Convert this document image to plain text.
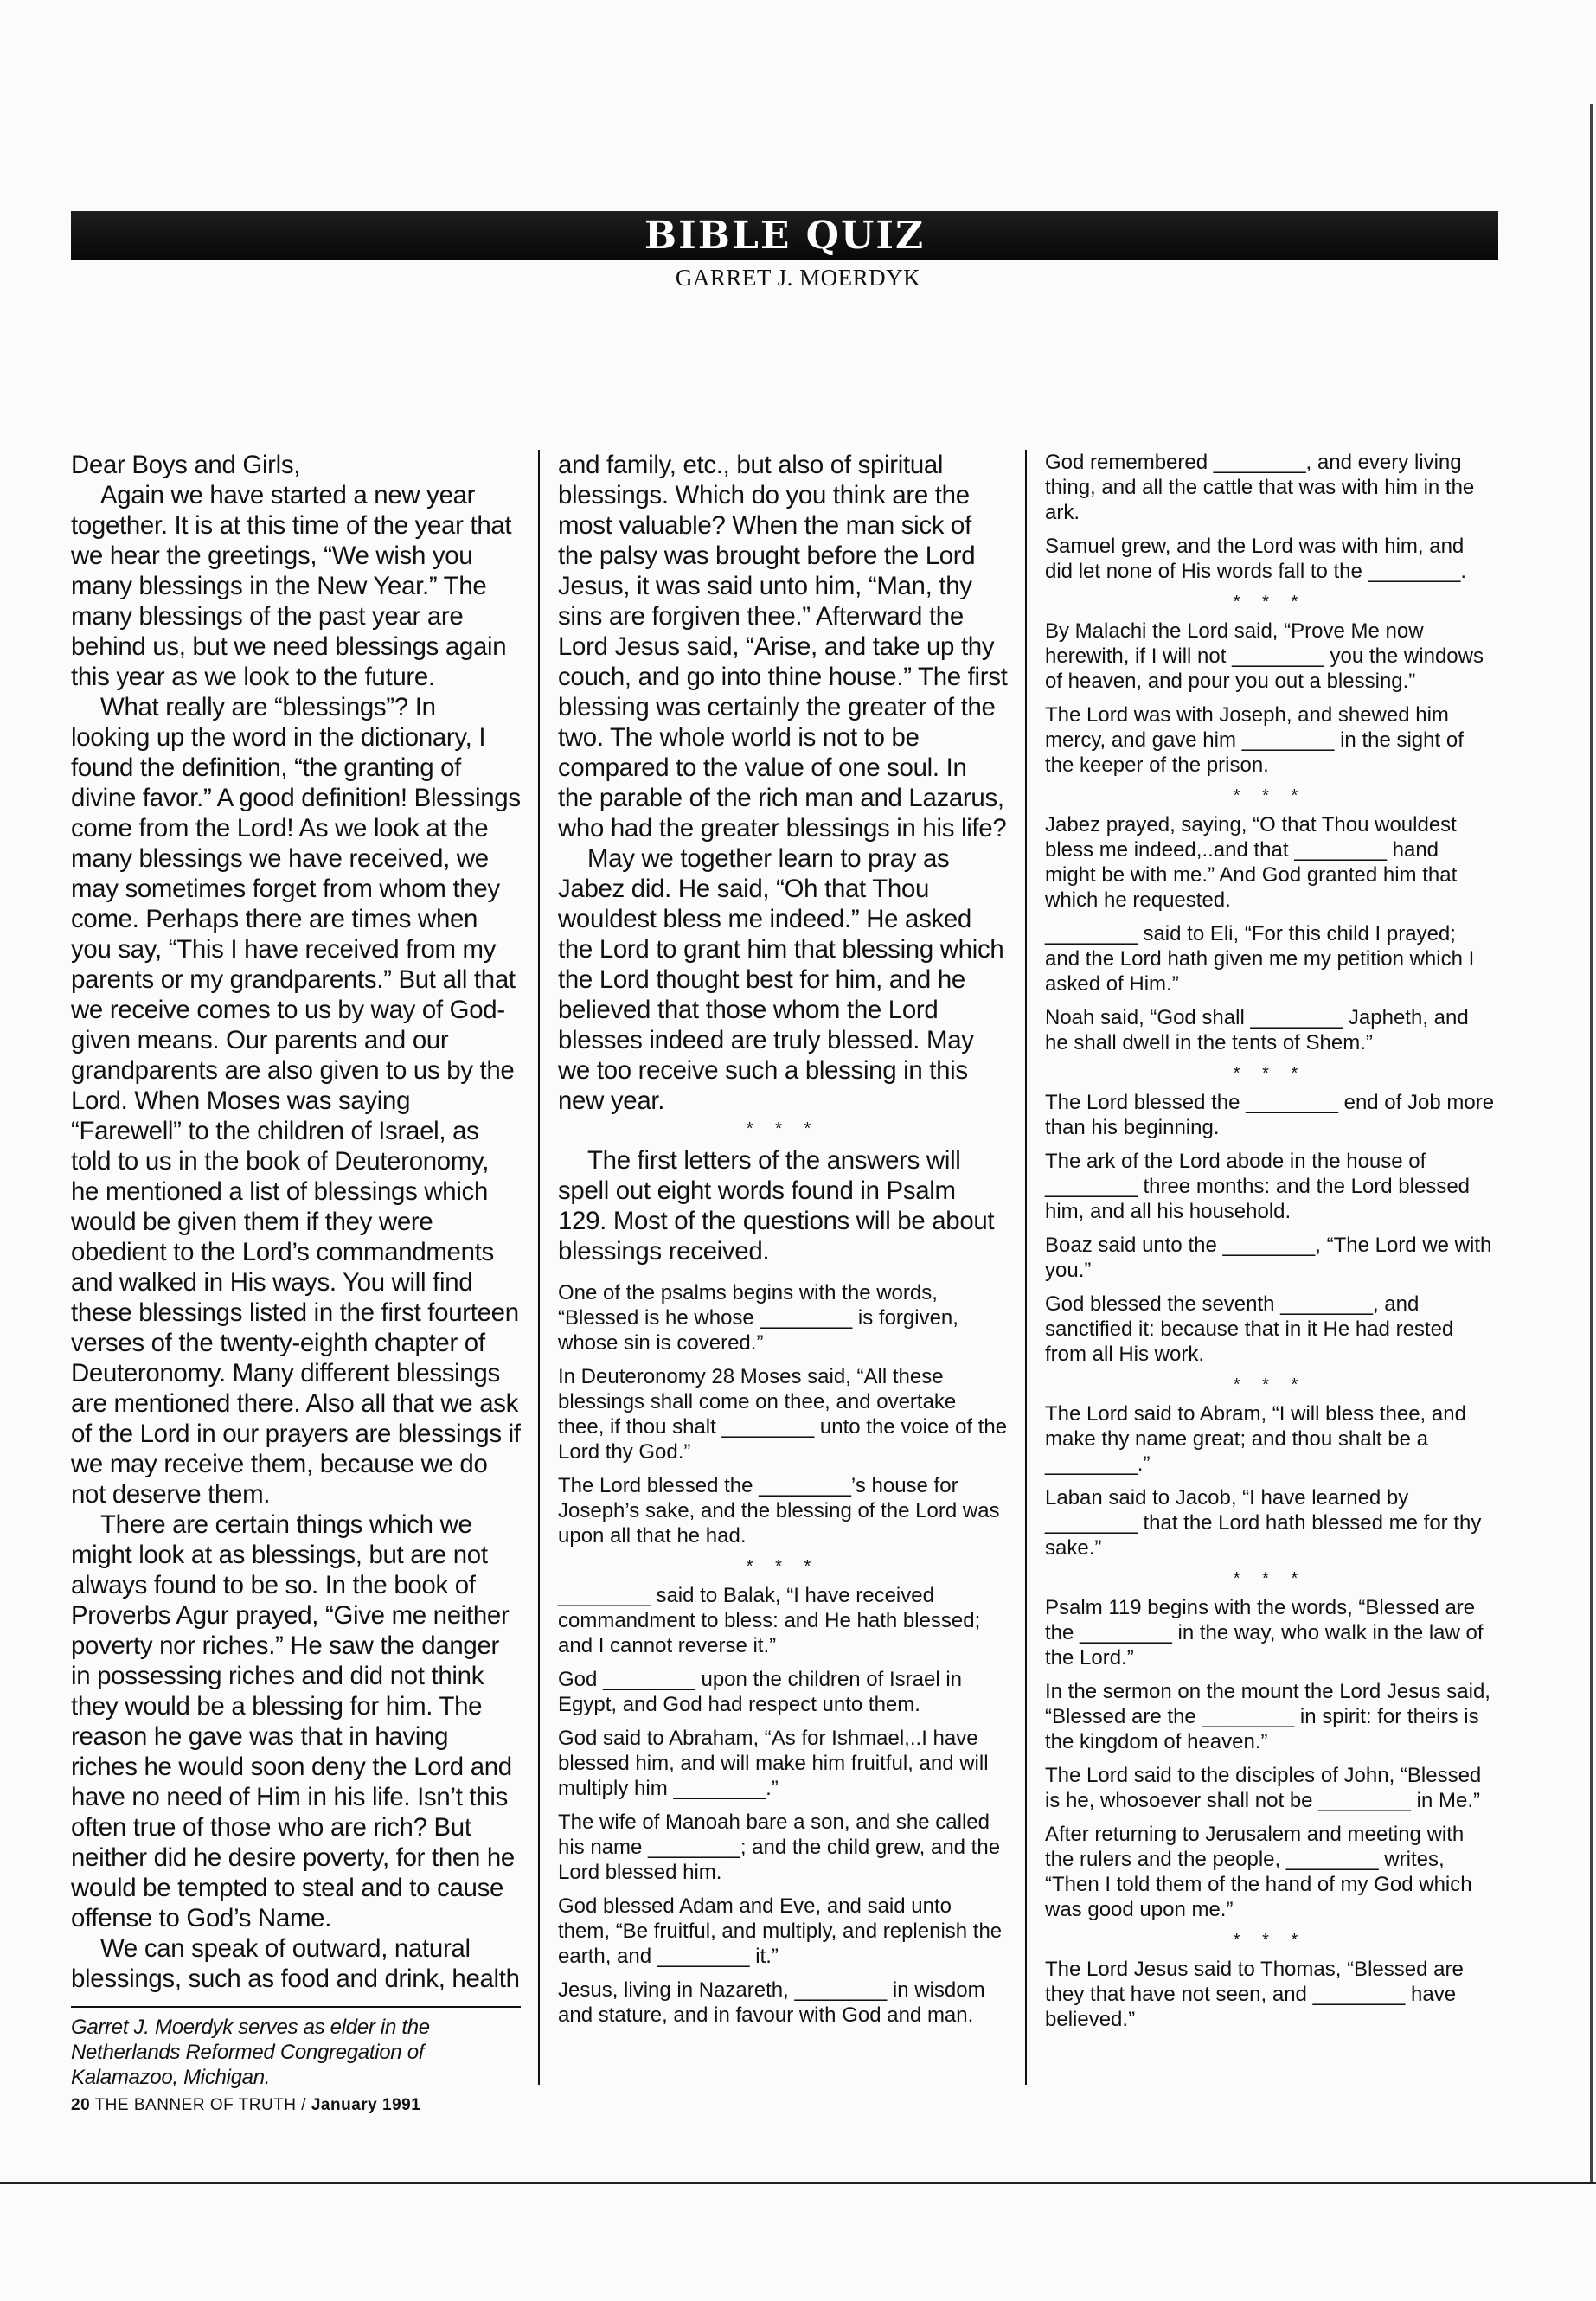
BIBLE QUIZ
GARRET J. MOERDYK

Dear Boys and Girls,

Again we have started a new year together. It is at this time of the year that we hear the greetings, “We wish you many blessings in the New Year.” The many blessings of the past year are behind us, but we need blessings again this year as we look to the future.

What really are “blessings”? In looking up the word in the dictionary, I found the definition, “the granting of divine favor.” A good definition! Blessings come from the Lord! As we look at the many blessings we have received, we may sometimes forget from whom they come. Perhaps there are times when you say, “This I have received from my parents or my grandparents.” But all that we receive comes to us by way of God-given means. Our parents and our grandparents are also given to us by the Lord. When Moses was saying “Farewell” to the children of Israel, as told to us in the book of Deuteronomy, he mentioned a list of blessings which would be given them if they were obedient to the Lord’s commandments and walked in His ways. You will find these blessings listed in the first fourteen verses of the twenty-eighth chapter of Deuteronomy. Many different blessings are mentioned there. Also all that we ask of the Lord in our prayers are blessings if we may receive them, because we do not deserve them.

There are certain things which we might look at as blessings, but are not always found to be so. In the book of Proverbs Agur prayed, “Give me neither poverty nor riches.” He saw the danger in possessing riches and did not think they would be a blessing for him. The reason he gave was that in having riches he would soon deny the Lord and have no need of Him in his life. Isn’t this often true of those who are rich? But neither did he desire poverty, for then he would be tempted to steal and to cause offense to God’s Name.

We can speak of outward, natural blessings, such as food and drink, health

Garret J. Moerdyk serves as elder in the Netherlands Reformed Congregation of Kalamazoo, Michigan.

20 THE BANNER OF TRUTH / January 1991

and family, etc., but also of spiritual blessings. Which do you think are the most valuable? When the man sick of the palsy was brought before the Lord Jesus, it was said unto him, “Man, thy sins are forgiven thee.” Afterward the Lord Jesus said, “Arise, and take up thy couch, and go into thine house.” The first blessing was certainly the greater of the two. The whole world is not to be compared to the value of one soul. In the parable of the rich man and Lazarus, who had the greater blessings in his life?

May we together learn to pray as Jabez did. He said, “Oh that Thou wouldest bless me indeed.” He asked the Lord to grant him that blessing which the Lord thought best for him, and he believed that those whom the Lord blesses indeed are truly blessed. May we too receive such a blessing in this new year.

* * *

The first letters of the answers will spell out eight words found in Psalm 129. Most of the questions will be about blessings received.

One of the psalms begins with the words, “Blessed is he whose ________ is forgiven, whose sin is covered.”

In Deuteronomy 28 Moses said, “All these blessings shall come on thee, and overtake thee, if thou shalt ________ unto the voice of the Lord thy God.”

The Lord blessed the ________’s house for Joseph’s sake, and the blessing of the Lord was upon all that he had.

* * *

________ said to Balak, “I have received commandment to bless: and He hath blessed; and I cannot reverse it.”

God ________ upon the children of Israel in Egypt, and God had respect unto them.

God said to Abraham, “As for Ishmael,..I have blessed him, and will make him fruitful, and will multiply him ________.”

The wife of Manoah bare a son, and she called his name ________; and the child grew, and the Lord blessed him.

God blessed Adam and Eve, and said unto them, “Be fruitful, and multiply, and replenish the earth, and ________ it.”

Jesus, living in Nazareth, ________ in wisdom and stature, and in favour with God and man.

God remembered ________, and every living thing, and all the cattle that was with him in the ark.

Samuel grew, and the Lord was with him, and did let none of His words fall to the ________.

* * *

By Malachi the Lord said, “Prove Me now herewith, if I will not ________ you the windows of heaven, and pour you out a blessing.”

The Lord was with Joseph, and shewed him mercy, and gave him ________ in the sight of the keeper of the prison.

* * *

Jabez prayed, saying, “O that Thou wouldest bless me indeed,..and that ________ hand might be with me.” And God granted him that which he requested.

________ said to Eli, “For this child I prayed; and the Lord hath given me my petition which I asked of Him.”

Noah said, “God shall ________ Japheth, and he shall dwell in the tents of Shem.”

* * *

The Lord blessed the ________ end of Job more than his beginning.

The ark of the Lord abode in the house of ________ three months: and the Lord blessed him, and all his household.

Boaz said unto the ________, “The Lord we with you.”

God blessed the seventh ________, and sanctified it: because that in it He had rested from all His work.

* * *

The Lord said to Abram, “I will bless thee, and make thy name great; and thou shalt be a ________.”

Laban said to Jacob, “I have learned by ________ that the Lord hath blessed me for thy sake.”

* * *

Psalm 119 begins with the words, “Blessed are the ________ in the way, who walk in the law of the Lord.”

In the sermon on the mount the Lord Jesus said, “Blessed are the ________ in spirit: for theirs is the kingdom of heaven.”

The Lord said to the disciples of John, “Blessed is he, whosoever shall not be ________ in Me.”

After returning to Jerusalem and meeting with the rulers and the people, ________ writes, “Then I told them of the hand of my God which was good upon me.”

* * *

The Lord Jesus said to Thomas, “Blessed are they that have not seen, and ________ have believed.”
